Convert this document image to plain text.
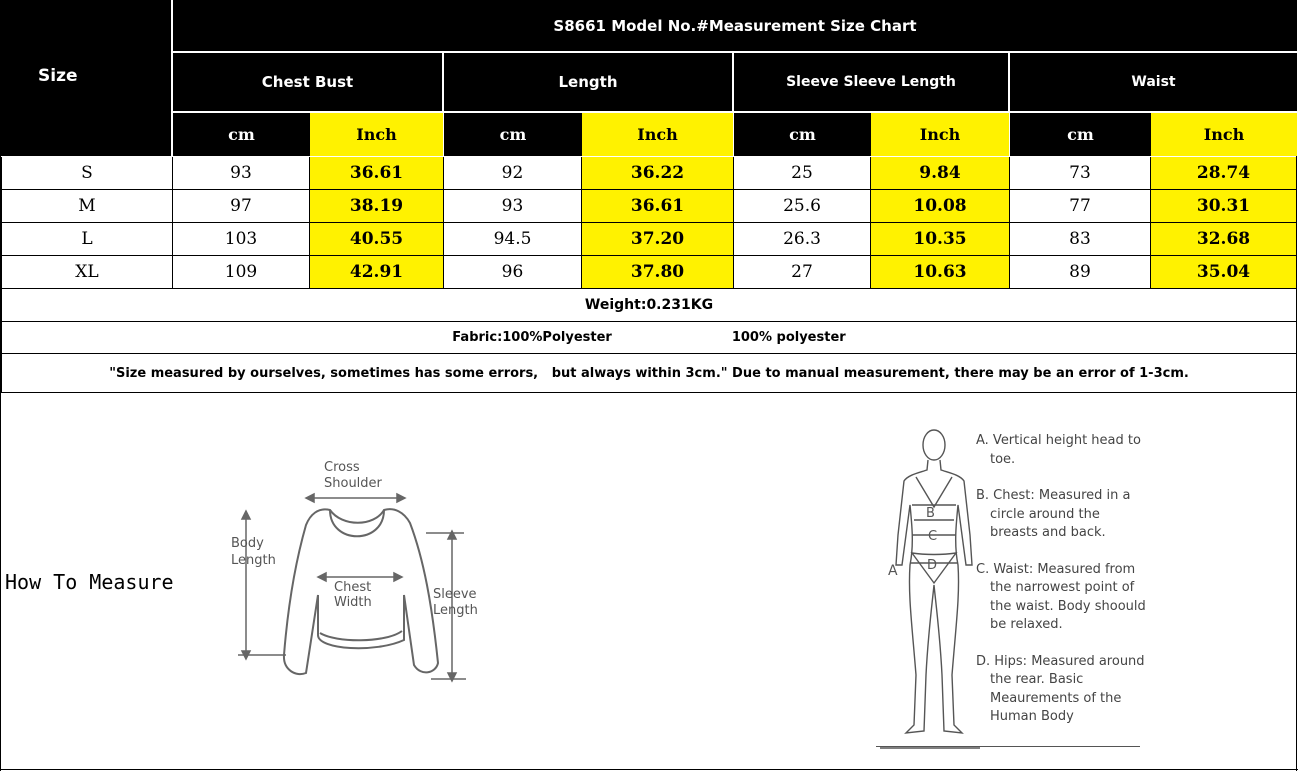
Size
S8661 Model No.#Measurement Size Chart
Chest Bust	Length	Sleeve Sleeve Length	Waist
cm	Inch	cm	Inch	cm	Inch	cm	Inch
S	93	36.61	92	36.22	25	9.84	73	28.74
M	97	38.19	93	36.61	25.6	10.08	77	30.31
L	103	40.55	94.5	37.20	26.3	10.35	83	32.68
XL	109	42.91	96	37.80	27	10.63	89	35.04
Weight:0.231KG
Fabric:100%Polyester	100% polyester
"Size measured by ourselves, sometimes has some errors,   but always within 3cm." Due to manual measurement, there may be an error of 1-3cm.
How To Measure
Cross
Shoulder
Body
Length
Chest
Width
Sleeve
Length
B
C
D
A
A. Vertical height head to toe.
B. Chest: Measured in a circle around the breasts and back.
C. Waist: Measured from the narrowest point of the waist. Body shoould be relaxed.
D. Hips: Measured around the rear. Basic Meaurements of the Human Body
